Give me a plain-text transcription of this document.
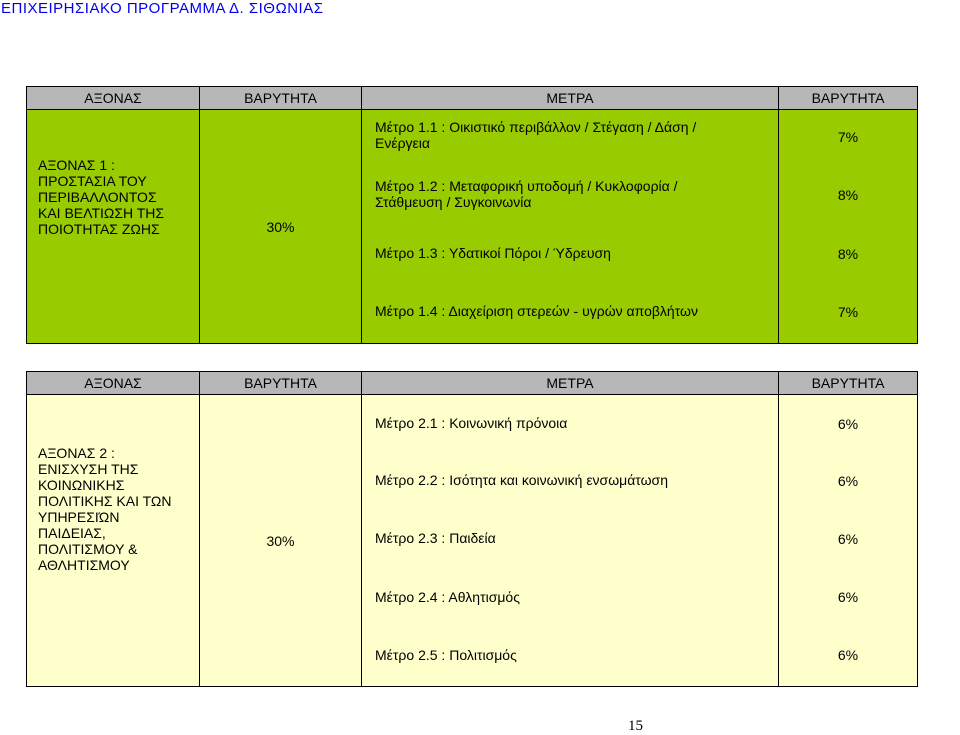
ΕΠΙΧΕΙΡΗΣΙΑΚΟ ΠΡΟΓΡΑΜΜΑ Δ. ΣΙΘΩΝΙΑΣ
ΑΞΟΝΑΣ	ΒΑΡΥΤΗΤΑ	ΜΕΤΡΑ	ΒΑΡΥΤΗΤΑ
ΑΞΟΝΑΣ 1 :
ΠΡΟΣΤΑΣΙΑ ΤΟΥ
ΠΕΡΙΒΑΛΛΟΝΤΟΣ
ΚΑΙ ΒΕΛΤΙΩΣΗ ΤΗΣ
ΠΟΙΟΤΗΤΑΣ ΖΩΗΣ	30%
Μέτρο 1.1 : Οικιστικό περιβάλλον / Στέγαση / Δάση /
Ενέργεια	7%
Μέτρο 1.2 : Μεταφορική υποδομή / Κυκλοφορία /
Στάθμευση / Συγκοινωνία	8%
Μέτρο 1.3 : Υδατικοί Πόροι / Ύδρευση	8%
Μέτρο 1.4 : Διαχείριση στερεών - υγρών αποβλήτων	7%
ΑΞΟΝΑΣ	ΒΑΡΥΤΗΤΑ	ΜΕΤΡΑ	ΒΑΡΥΤΗΤΑ
ΑΞΟΝΑΣ 2 :
ΕΝΙΣΧΥΣΗ ΤΗΣ
ΚΟΙΝΩΝΙΚΗΣ
ΠΟΛΙΤΙΚΗΣ ΚΑΙ ΤΩΝ
ΥΠΗΡΕΣΙΏΝ
ΠΑΙΔΕΙΑΣ,
ΠΟΛΙΤΙΣΜΟΥ &
ΑΘΛΗΤΙΣΜΟΥ
30%
Μέτρο 2.1 : Κοινωνική πρόνοια	6%
Μέτρο 2.2 : Ισότητα και κοινωνική ενσωμάτωση	6%
Μέτρο 2.3 : Παιδεία	6%
Μέτρο 2.4 : Αθλητισμός	6%
Μέτρο 2.5 : Πολιτισμός	6%
15
